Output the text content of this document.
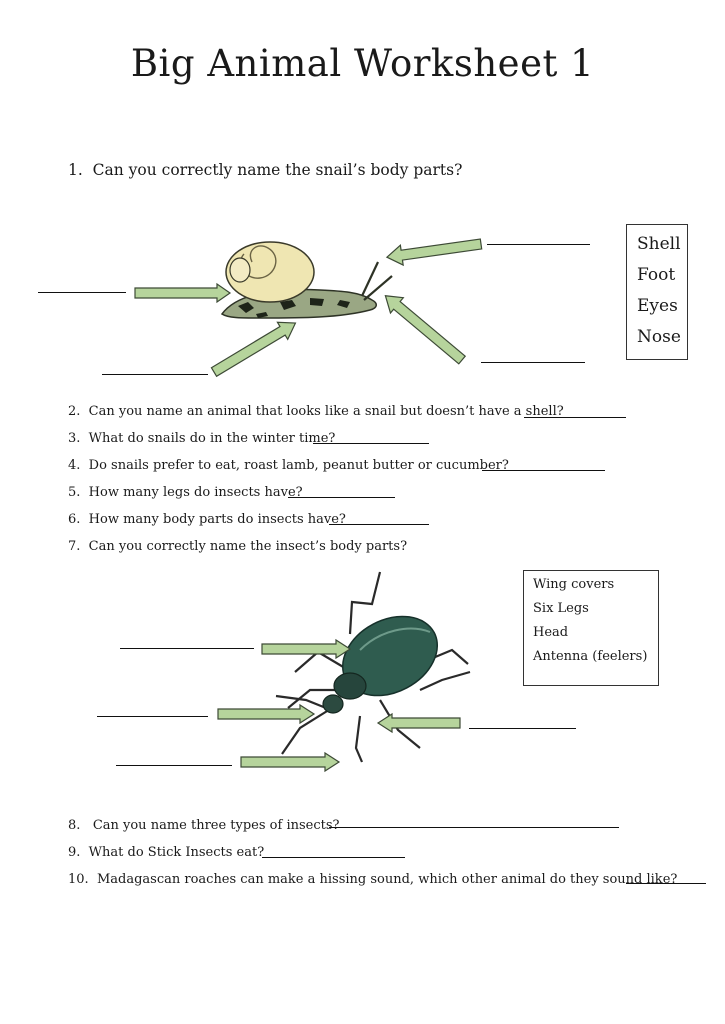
Big Animal Worksheet 1
1. Can you correctly name the snail’s body parts?
Shell
Foot
Eyes
Nose
2. Can you name an animal that looks like a snail but doesn’t have a shell?
3. What do snails do in the winter time?
4. Do snails prefer to eat, roast lamb, peanut butter or cucumber?
5. How many legs do insects have?
6. How many body parts do insects have?
7. Can you correctly name the insect’s body parts?
Wing covers
Six Legs
Head
Antenna (feelers)
8. Can you name three types of insects?
9. What do Stick Insects eat?
10. Madagascan roaches can make a hissing sound, which other animal do they sound like?
